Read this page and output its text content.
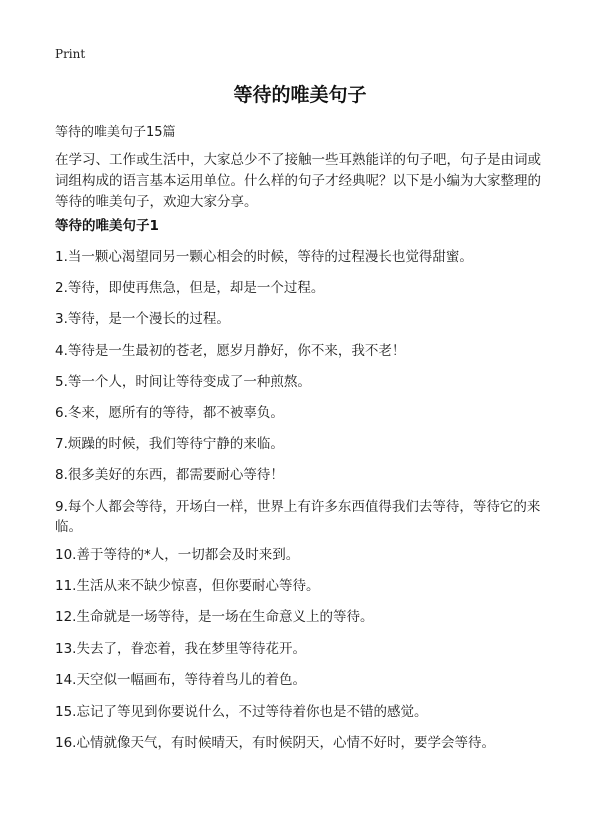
Print
等待的唯美句子
等待的唯美句子15篇

在学习、工作或生活中，大家总少不了接触一些耳熟能详的句子吧，句子是由词或词组构成的语言基本运用单位。什么样的句子才经典呢？以下是小编为大家整理的等待的唯美句子，欢迎大家分享。

等待的唯美句子1
1.当一颗心渴望同另一颗心相会的时候，等待的过程漫长也觉得甜蜜。
2.等待，即使再焦急，但是，却是一个过程。
3.等待，是一个漫长的过程。
4.等待是一生最初的苍老，愿岁月静好，你不来，我不老！
5.等一个人，时间让等待变成了一种煎熬。
6.冬来，愿所有的等待，都不被辜负。
7.烦躁的时候，我们等待宁静的来临。
8.很多美好的东西，都需要耐心等待！
9.每个人都会等待，开场白一样，世界上有许多东西值得我们去等待，等待它的来临。
10.善于等待的*人，一切都会及时来到。
11.生活从来不缺少惊喜，但你要耐心等待。
12.生命就是一场等待，是一场在生命意义上的等待。
13.失去了，眷恋着，我在梦里等待花开。
14.天空似一幅画布，等待着鸟儿的着色。
15.忘记了等见到你要说什么，不过等待着你也是不错的感觉。
16.心情就像天气，有时候晴天，有时候阴天，心情不好时，要学会等待。
